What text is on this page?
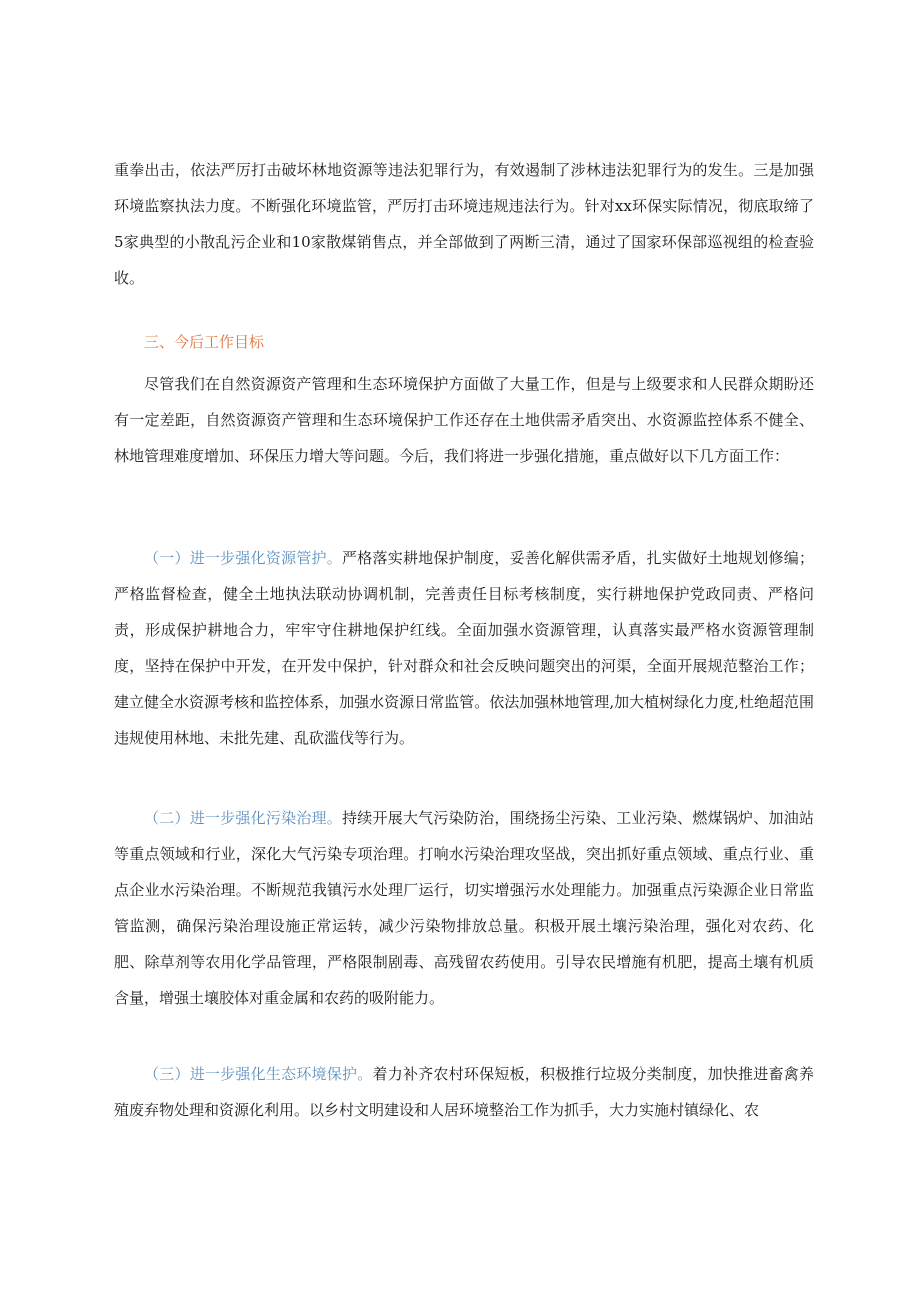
重拳出击，依法严厉打击破坏林地资源等违法犯罪行为，有效遏制了涉林违法犯罪行为的发生。三是加强环境监察执法力度。不断强化环境监管，严厉打击环境违规违法行为。针对xx环保实际情况，彻底取缔了5家典型的小散乱污企业和10家散煤销售点，并全部做到了两断三清，通过了国家环保部巡视组的检查验收。

三、今后工作目标

尽管我们在自然资源资产管理和生态环境保护方面做了大量工作，但是与上级要求和人民群众期盼还有一定差距，自然资源资产管理和生态环境保护工作还存在土地供需矛盾突出、水资源监控体系不健全、林地管理难度增加、环保压力增大等问题。今后，我们将进一步强化措施，重点做好以下几方面工作：

（一）进一步强化资源管护。严格落实耕地保护制度，妥善化解供需矛盾，扎实做好土地规划修编；严格监督检查，健全土地执法联动协调机制，完善责任目标考核制度，实行耕地保护党政同责、严格问责，形成保护耕地合力，牢牢守住耕地保护红线。全面加强水资源管理，认真落实最严格水资源管理制度，坚持在保护中开发，在开发中保护，针对群众和社会反映问题突出的河渠，全面开展规范整治工作；建立健全水资源考核和监控体系，加强水资源日常监管。依法加强林地管理,加大植树绿化力度,杜绝超范围违规使用林地、未批先建、乱砍滥伐等行为。

（二）进一步强化污染治理。持续开展大气污染防治，围绕扬尘污染、工业污染、燃煤锅炉、加油站等重点领域和行业，深化大气污染专项治理。打响水污染治理攻坚战，突出抓好重点领域、重点行业、重点企业水污染治理。不断规范我镇污水处理厂运行，切实增强污水处理能力。加强重点污染源企业日常监管监测，确保污染治理设施正常运转，减少污染物排放总量。积极开展土壤污染治理，强化对农药、化肥、除草剂等农用化学品管理，严格限制剧毒、高残留农药使用。引导农民增施有机肥，提高土壤有机质含量，增强土壤胶体对重金属和农药的吸附能力。

（三）进一步强化生态环境保护。着力补齐农村环保短板，积极推行垃圾分类制度，加快推进畜禽养殖废弃物处理和资源化利用。以乡村文明建设和人居环境整治工作为抓手，大力实施村镇绿化、农
